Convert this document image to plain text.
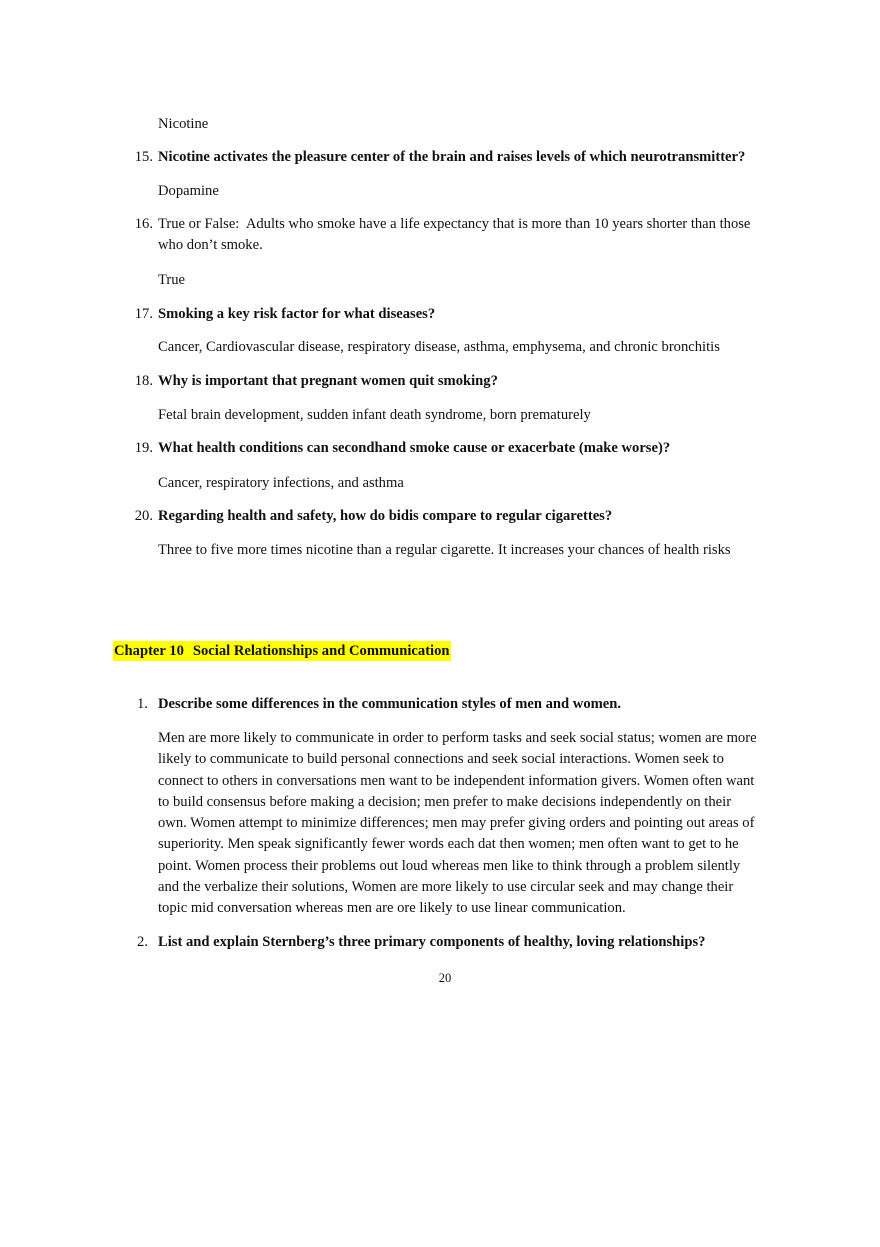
Nicotine
15. Nicotine activates the pleasure center of the brain and raises levels of which neurotransmitter?
Dopamine
16. True or False:  Adults who smoke have a life expectancy that is more than 10 years shorter than those
who don’t smoke.
True
17. Smoking a key risk factor for what diseases?
Cancer, Cardiovascular disease, respiratory disease, asthma, emphysema, and chronic bronchitis
18. Why is important that pregnant women quit smoking?
Fetal brain development, sudden infant death syndrome, born prematurely
19. What health conditions can secondhand smoke cause or exacerbate (make worse)?
Cancer, respiratory infections, and asthma
20. Regarding health and safety, how do bidis compare to regular cigarettes?
Three to five more times nicotine than a regular cigarette. It increases your chances of health risks
Chapter 10 Social Relationships and Communication
1. Describe some differences in the communication styles of men and women.
Men are more likely to communicate in order to perform tasks and seek social status; women are more
likely to communicate to build personal connections and seek social interactions. Women seek to
connect to others in conversations men want to be independent information givers. Women often want
to build consensus before making a decision; men prefer to make decisions independently on their
own. Women attempt to minimize differences; men may prefer giving orders and pointing out areas of
superiority. Men speak significantly fewer words each dat then women; men often want to get to he
point. Women process their problems out loud whereas men like to think through a problem silently
and the verbalize their solutions, Women are more likely to use circular seek and may change their
topic mid conversation whereas men are ore likely to use linear communication.
2. List and explain Sternberg’s three primary components of healthy, loving relationships?
20
